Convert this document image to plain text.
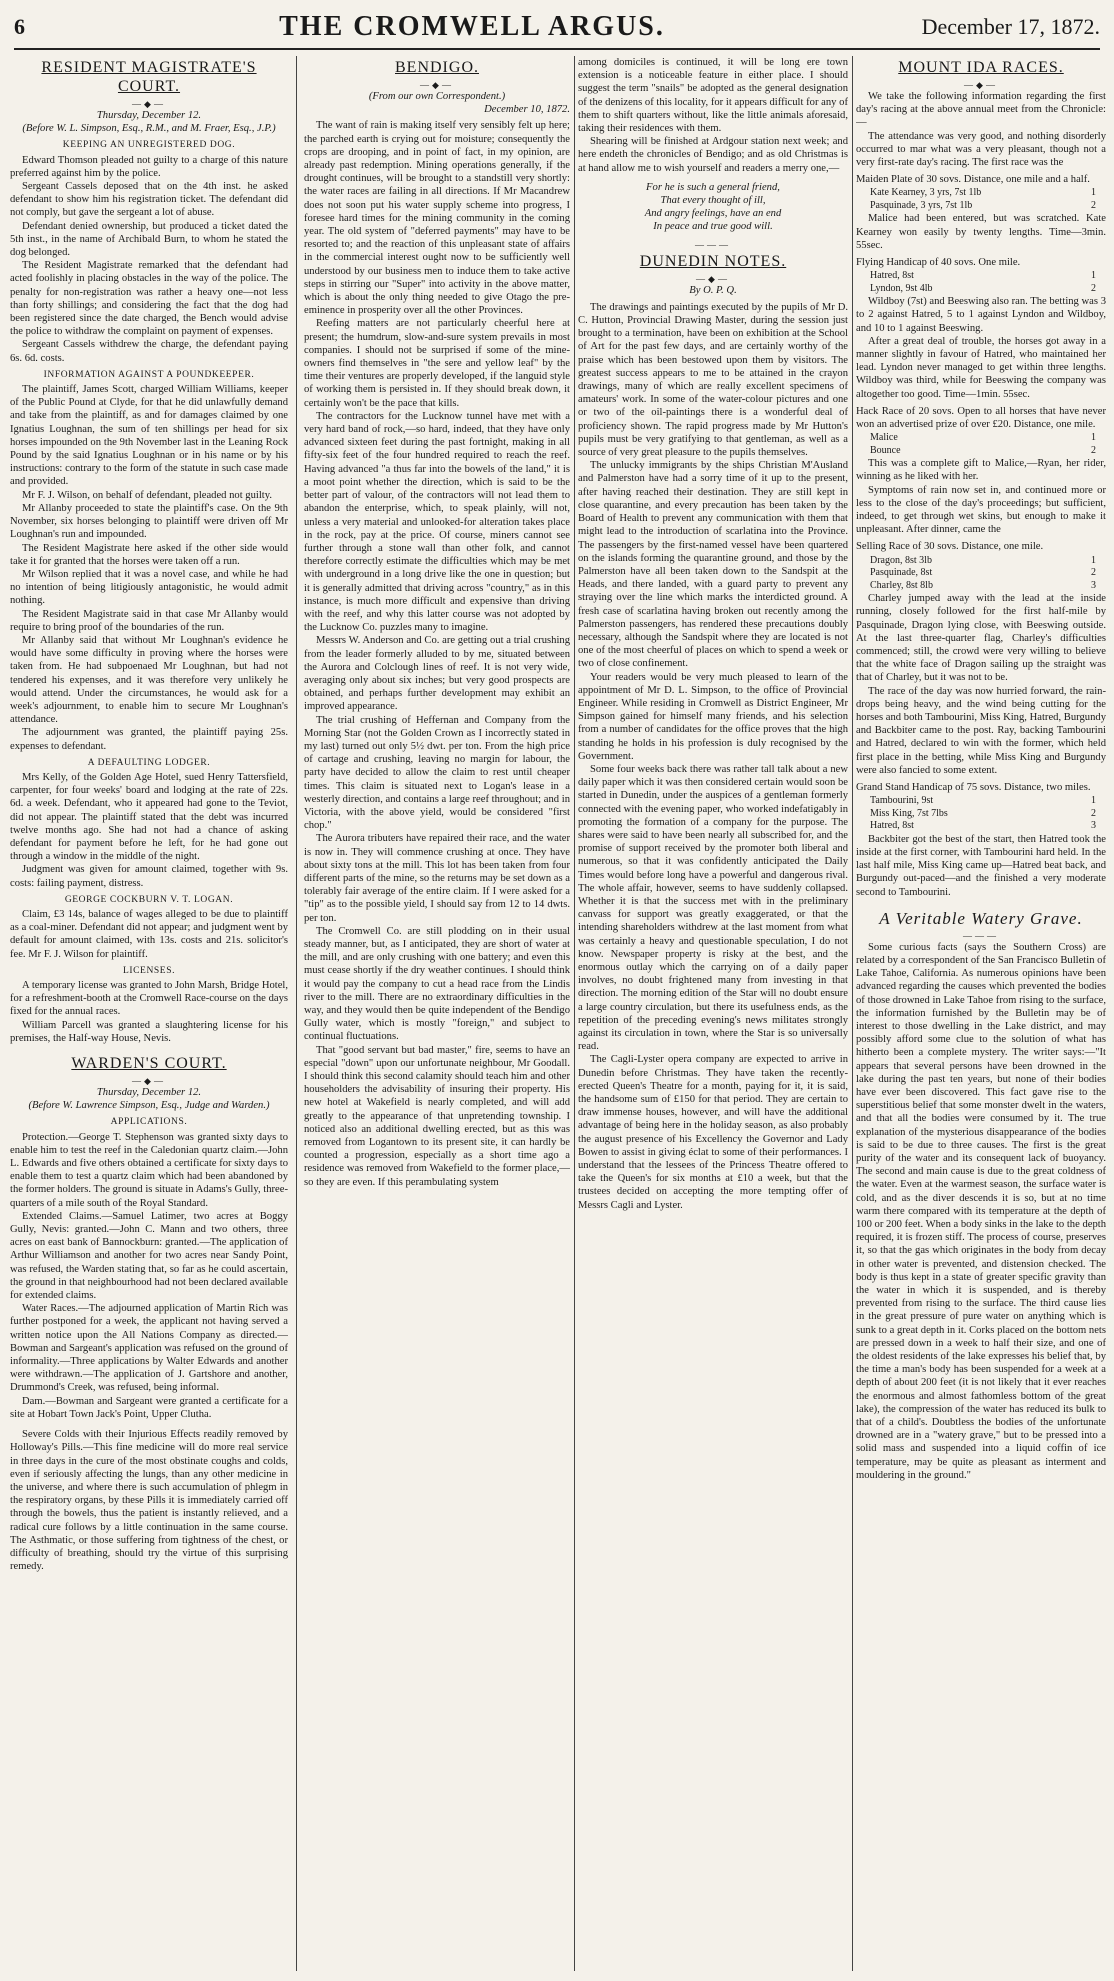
6	THE CROMWELL ARGUS.	December 17, 1872.
RESIDENT MAGISTRATE'S COURT.
—◆—
Thursday, December 12.
(Before W. L. Simpson, Esq., R.M., and M. Fraer, Esq., J.P.)
KEEPING AN UNREGISTERED DOG.

Edward Thomson pleaded not guilty to a charge of this nature preferred against him by the police.

Sergeant Cassels deposed that on the 4th inst. he asked defendant to show him his registration ticket. The defendant did not comply, but gave the sergeant a lot of abuse.

Defendant denied ownership, but produced a ticket dated the 5th inst., in the name of Archibald Burn, to whom he stated the dog belonged.

The Resident Magistrate remarked that the defendant had acted foolishly in placing obstacles in the way of the police. The penalty for non-registration was rather a heavy one—not less than forty shillings; and considering the fact that the dog had been registered since the date charged, the Bench would advise the police to withdraw the complaint on payment of expenses.

Sergeant Cassels withdrew the charge, the defendant paying 6s. 6d. costs.

INFORMATION AGAINST A POUNDKEEPER.

The plaintiff, James Scott, charged William Williams, keeper of the Public Pound at Clyde, for that he did unlawfully demand and take from the plaintiff, as and for damages claimed by one Ignatius Loughnan, the sum of ten shillings per head for six horses impounded on the 9th November last in the Leaning Rock Pound by the said Ignatius Loughnan or in his name or by his instructions: contrary to the form of the statute in such case made and provided.

Mr F. J. Wilson, on behalf of defendant, pleaded not guilty.

Mr Allanby proceeded to state the plaintiff's case. On the 9th November, six horses belonging to plaintiff were driven off Mr Loughnan's run and impounded.

The Resident Magistrate here asked if the other side would take it for granted that the horses were taken off a run.

Mr Wilson replied that it was a novel case, and while he had no intention of being litigiously antagonistic, he would admit nothing.

The Resident Magistrate said in that case Mr Allanby would require to bring proof of the boundaries of the run.

Mr Allanby said that without Mr Loughnan's evidence he would have some difficulty in proving where the horses were taken from. He had subpoenaed Mr Loughnan, but had not tendered his expenses, and it was therefore very unlikely he would attend. Under the circumstances, he would ask for a week's adjournment, to enable him to secure Mr Loughnan's attendance.

The adjournment was granted, the plaintiff paying 25s. expenses to defendant.

A DEFAULTING LODGER.

Mrs Kelly, of the Golden Age Hotel, sued Henry Tattersfield, carpenter, for four weeks' board and lodging at the rate of 22s. 6d. a week. Defendant, who it appeared had gone to the Teviot, did not appear. The plaintiff stated that the debt was incurred twelve months ago. She had not had a chance of asking defendant for payment before he left, for he had gone out through a window in the middle of the night.

Judgment was given for amount claimed, together with 9s. costs: failing payment, distress.

GEORGE COCKBURN V. T. LOGAN.

Claim, £3 14s, balance of wages alleged to be due to plaintiff as a coal-miner. Defendant did not appear; and judgment went by default for amount claimed, with 13s. costs and 21s. solicitor's fee. Mr F. J. Wilson for plaintiff.

LICENSES.

A temporary license was granted to John Marsh, Bridge Hotel, for a refreshment-booth at the Cromwell Race-course on the days fixed for the annual races.

William Parcell was granted a slaughtering license for his premises, the Half-way House, Nevis.

WARDEN'S COURT.
—◆—
Thursday, December 12.
(Before W. Lawrence Simpson, Esq., Judge and Warden.)
APPLICATIONS.

Protection.—George T. Stephenson was granted sixty days to enable him to test the reef in the Caledonian quartz claim.—John L. Edwards and five others obtained a certificate for sixty days to enable them to test a quartz claim which had been abandoned by the former holders. The ground is situate in Adams's Gully, three-quarters of a mile south of the Royal Standard.

Extended Claims.—Samuel Latimer, two acres at Boggy Gully, Nevis: granted.—John C. Mann and two others, three acres on east bank of Bannockburn: granted.—The application of Arthur Williamson and another for two acres near Sandy Point, was refused, the Warden stating that, so far as he could ascertain, the ground in that neighbourhood had not been declared available for extended claims.

Water Races.—The adjourned application of Martin Rich was further postponed for a week, the applicant not having served a written notice upon the All Nations Company as directed.—Bowman and Sargeant's application was refused on the ground of informality.—Three applications by Walter Edwards and another were withdrawn.—The application of J. Gartshore and another, Drummond's Creek, was refused, being informal.

Dam.—Bowman and Sargeant were granted a certificate for a site at Hobart Town Jack's Point, Upper Clutha.

Severe Colds with their Injurious Effects readily removed by Holloway's Pills.—This fine medicine will do more real service in three days in the cure of the most obstinate coughs and colds, even if seriously affecting the lungs, than any other medicine in the universe, and where there is such accumulation of phlegm in the respiratory organs, by these Pills it is immediately carried off through the bowels, thus the patient is instantly relieved, and a radical cure follows by a little continuation in the same course. The Asthmatic, or those suffering from tightness of the chest, or difficulty of breathing, should try the virtue of this surprising remedy.

BENDIGO.
—◆—
(From our own Correspondent.)
December 10, 1872.

The want of rain is making itself very sensibly felt up here; the parched earth is crying out for moisture; consequently the crops are drooping, and in point of fact, in my opinion, are already past redemption. Mining operations generally, if the drought continues, will be brought to a standstill very shortly: the water races are failing in all directions. If Mr Macandrew does not soon put his water supply scheme into progress, I foresee hard times for the mining community in the coming year. The old system of "deferred payments" may have to be resorted to; and the reaction of this unpleasant state of affairs in the commercial interest ought now to be sufficiently well understood by our business men to induce them to take active steps in stirring our "Super" into activity in the above matter, which is about the only thing needed to give Otago the pre-eminence in prosperity over all the other Provinces.

Reefing matters are not particularly cheerful here at present; the humdrum, slow-and-sure system prevails in most companies. I should not be surprised if some of the mine-owners find themselves in "the sere and yellow leaf" by the time their ventures are properly developed, if the languid style of working them is persisted in. If they should break down, it certainly won't be the pace that kills.

The contractors for the Lucknow tunnel have met with a very hard band of rock,—so hard, indeed, that they have only advanced sixteen feet during the past fortnight, making in all fifty-six feet of the four hundred required to reach the reef. Having advanced "a thus far into the bowels of the land," it is a moot point whether the direction, which is said to be the better part of valour, of the contractors will not lead them to abandon the enterprise, which, to speak plainly, will not, unless a very material and unlooked-for alteration takes place in the rock, pay at the price. Of course, miners cannot see further through a stone wall than other folk, and cannot therefore correctly estimate the difficulties which may be met with underground in a long drive like the one in question; but it is generally admitted that driving across "country," as in this instance, is much more difficult and expensive than driving with the reef, and why this latter course was not adopted by the Lucknow Co. puzzles many to imagine.

Messrs W. Anderson and Co. are getting out a trial crushing from the leader formerly alluded to by me, situated between the Aurora and Colclough lines of reef. It is not very wide, averaging only about six inches; but very good prospects are obtained, and perhaps further development may exhibit an improved appearance.

The trial crushing of Heffernan and Company from the Morning Star (not the Golden Crown as I incorrectly stated in my last) turned out only 5½ dwt. per ton. From the high price of cartage and crushing, leaving no margin for labour, the party have decided to allow the claim to rest until cheaper times. This claim is situated next to Logan's lease in a westerly direction, and contains a large reef throughout; and in Victoria, with the above yield, would be considered "first chop."

The Aurora tributers have repaired their race, and the water is now in. They will commence crushing at once. They have about sixty tons at the mill. This lot has been taken from four different parts of the mine, so the returns may be set down as a tolerably fair average of the entire claim. If I were asked for a "tip" as to the possible yield, I should say from 12 to 14 dwts. per ton.

The Cromwell Co. are still plodding on in their usual steady manner, but, as I anticipated, they are short of water at the mill, and are only crushing with one battery; and even this must cease shortly if the dry weather continues. I should think it would pay the company to cut a head race from the Lindis river to the mill. There are no extraordinary difficulties in the way, and they would then be quite independent of the Bendigo Gully water, which is mostly "foreign," and subject to continual fluctuations.

That "good servant but bad master," fire, seems to have an especial "down" upon our unfortunate neighbour, Mr Goodall. I should think this second calamity should teach him and other householders the advisability of insuring their property. His new hotel at Wakefield is nearly completed, and will add greatly to the appearance of that unpretending township. I noticed also an additional dwelling erected, but as this was removed from Logantown to its present site, it can hardly be counted a progression, especially as a short time ago a residence was removed from Wakefield to the former place,—so they are even. If this perambulating system

among domiciles is continued, it will be long ere town extension is a noticeable feature in either place. I should suggest the term "snails" be adopted as the general designation of the denizens of this locality, for it appears difficult for any of them to shift quarters without, like the little animals aforesaid, taking their residences with them.

Shearing will be finished at Ardgour station next week; and here endeth the chronicles of Bendigo; and as old Christmas is at hand allow me to wish yourself and readers a merry one,—

For he is such a general friend,
That every thought of ill,
And angry feelings, have an end
In peace and true good will.
———
DUNEDIN NOTES.
—◆—
By O. P. Q.

The drawings and paintings executed by the pupils of Mr D. C. Hutton, Provincial Drawing Master, during the session just brought to a termination, have been on exhibition at the School of Art for the past few days, and are certainly worthy of the praise which has been bestowed upon them by visitors. The greatest success appears to me to be attained in the crayon drawings, many of which are really excellent specimens of amateurs' work. In some of the water-colour pictures and one or two of the oil-paintings there is a wonderful deal of proficiency shown. The rapid progress made by Mr Hutton's pupils must be very gratifying to that gentleman, as well as a source of very great pleasure to the pupils themselves.

The unlucky immigrants by the ships Christian M'Ausland and Palmerston have had a sorry time of it up to the present, after having reached their destination. They are still kept in close quarantine, and every precaution has been taken by the Board of Health to prevent any communication with them that might lead to the introduction of scarlatina into the Province. The passengers by the first-named vessel have been quartered on the islands forming the quarantine ground, and those by the Palmerston have all been taken down to the Sandspit at the Heads, and there landed, with a guard party to prevent any straying over the line which marks the interdicted ground. A fresh case of scarlatina having broken out recently among the Palmerston passengers, has rendered these precautions doubly necessary, although the Sandspit where they are located is not one of the most cheerful of places on which to spend a week or two of close confinement.

Your readers would be very much pleased to learn of the appointment of Mr D. L. Simpson, to the office of Provincial Engineer. While residing in Cromwell as District Engineer, Mr Simpson gained for himself many friends, and his selection from a number of candidates for the office proves that the high standing he holds in his profession is duly recognised by the Government.

Some four weeks back there was rather tall talk about a new daily paper which it was then considered certain would soon be started in Dunedin, under the auspices of a gentleman formerly connected with the evening paper, who worked indefatigably in promoting the formation of a company for the purpose. The shares were said to have been nearly all subscribed for, and the promise of support received by the promoter both liberal and numerous, so that it was confidently anticipated the Daily Times would before long have a powerful and dangerous rival. The whole affair, however, seems to have suddenly collapsed. Whether it is that the success met with in the preliminary canvass for support was greatly exaggerated, or that the intending shareholders withdrew at the last moment from what was certainly a heavy and questionable speculation, I do not know. Newspaper property is risky at the best, and the enormous outlay which the carrying on of a daily paper involves, no doubt frightened many from investing in that direction. The morning edition of the Star will no doubt ensure a large country circulation, but there its usefulness ends, as the repetition of the preceding evening's news militates strongly against its circulation in town, where the Star is so universally read.

The Cagli-Lyster opera company are expected to arrive in Dunedin before Christmas. They have taken the recently-erected Queen's Theatre for a month, paying for it, it is said, the handsome sum of £150 for that period. They are certain to draw immense houses, however, and will have the additional advantage of being here in the holiday season, as also probably the august presence of his Excellency the Governor and Lady Bowen to assist in giving éclat to some of their performances. I understand that the lessees of the Princess Theatre offered to take the Queen's for six months at £10 a week, but that the trustees decided on accepting the more tempting offer of Messrs Cagli and Lyster.

MOUNT IDA RACES.
—◆—

We take the following information regarding the first day's racing at the above annual meet from the Chronicle:—

The attendance was very good, and nothing disorderly occurred to mar what was a very pleasant, though not a very first-rate day's racing. The first race was the

Maiden Plate of 30 sovs. Distance, one mile and a half.

Kate Kearney, 3 yrs, 7st 1lb	1
Pasquinade, 3 yrs, 7st 1lb	2

Malice had been entered, but was scratched. Kate Kearney won easily by twenty lengths. Time—3min. 55sec.

Flying Handicap of 40 sovs. One mile.

Hatred, 8st	1
Lyndon, 9st 4lb	2

Wildboy (7st) and Beeswing also ran. The betting was 3 to 2 against Hatred, 5 to 1 against Lyndon and Wildboy, and 10 to 1 against Beeswing.

After a great deal of trouble, the horses got away in a manner slightly in favour of Hatred, who maintained her lead. Lyndon never managed to get within three lengths. Wildboy was third, while for Beeswing the company was altogether too good. Time—1min. 55sec.

Hack Race of 20 sovs. Open to all horses that have never won an advertised prize of over £20. Distance, one mile.

Malice	1
Bounce	2

This was a complete gift to Malice,—Ryan, her rider, winning as he liked with her.

Symptoms of rain now set in, and continued more or less to the close of the day's proceedings; but sufficient, indeed, to get through wet skins, but enough to make it unpleasant. After dinner, came the

Selling Race of 30 sovs. Distance, one mile.

Dragon, 8st 3lb	1
Pasquinade, 8st	2
Charley, 8st 8lb	3

Charley jumped away with the lead at the inside running, closely followed for the first half-mile by Pasquinade, Dragon lying close, with Beeswing outside. At the last three-quarter flag, Charley's difficulties commenced; still, the crowd were very willing to believe that the white face of Dragon sailing up the straight was that of Charley, but it was not to be.

The race of the day was now hurried forward, the rain-drops being heavy, and the wind being cutting for the horses and both Tambourini, Miss King, Hatred, Burgundy and Backbiter came to the post. Ray, backing Tambourini and Hatred, declared to win with the former, which held first place in the betting, while Miss King and Burgundy were also fancied to some extent.

Grand Stand Handicap of 75 sovs. Distance, two miles.

Tambourini, 9st	1
Miss King, 7st 7lbs	2
Hatred, 8st	3

Backbiter got the best of the start, then Hatred took the inside at the first corner, with Tambourini hard held. In the last half mile, Miss King came up—Hatred beat back, and Burgundy out-paced—and the finished a very moderate second to Tambourini.

A Veritable Watery Grave.
———

Some curious facts (says the Southern Cross) are related by a correspondent of the San Francisco Bulletin of Lake Tahoe, California. As numerous opinions have been advanced regarding the causes which prevented the bodies of those drowned in Lake Tahoe from rising to the surface, the information furnished by the Bulletin may be of interest to those dwelling in the Lake district, and may possibly afford some clue to the solution of what has hitherto been a complete mystery. The writer says:—"It appears that several persons have been drowned in the lake during the past ten years, but none of their bodies have ever been discovered. This fact gave rise to the superstitious belief that some monster dwelt in the waters, and that all the bodies were consumed by it. The true explanation of the mysterious disappearance of the bodies is said to be due to three causes. The first is the great purity of the water and its consequent lack of buoyancy. The second and main cause is due to the great coldness of the water. Even at the warmest season, the surface water is cold, and as the diver descends it is so, but at no time warm there compared with its temperature at the depth of 100 or 200 feet. When a body sinks in the lake to the depth required, it is frozen stiff. The process of course, preserves it, so that the gas which originates in the body from decay in other water is prevented, and distension checked. The body is thus kept in a state of greater specific gravity than the water in which it is suspended, and is thereby prevented from rising to the surface. The third cause lies in the great pressure of pure water on anything which is sunk to a great depth in it. Corks placed on the bottom nets are pressed down in a week to half their size, and one of the oldest residents of the lake expresses his belief that, by the time a man's body has been suspended for a week at a depth of about 200 feet (it is not likely that it ever reaches the enormous and almost fathomless bottom of the great lake), the compression of the water has reduced its bulk to that of a child's. Doubtless the bodies of the unfortunate drowned are in a "watery grave," but to be pressed into a solid mass and suspended into a liquid coffin of ice temperature, may be quite as pleasant as interment and mouldering in the ground."
